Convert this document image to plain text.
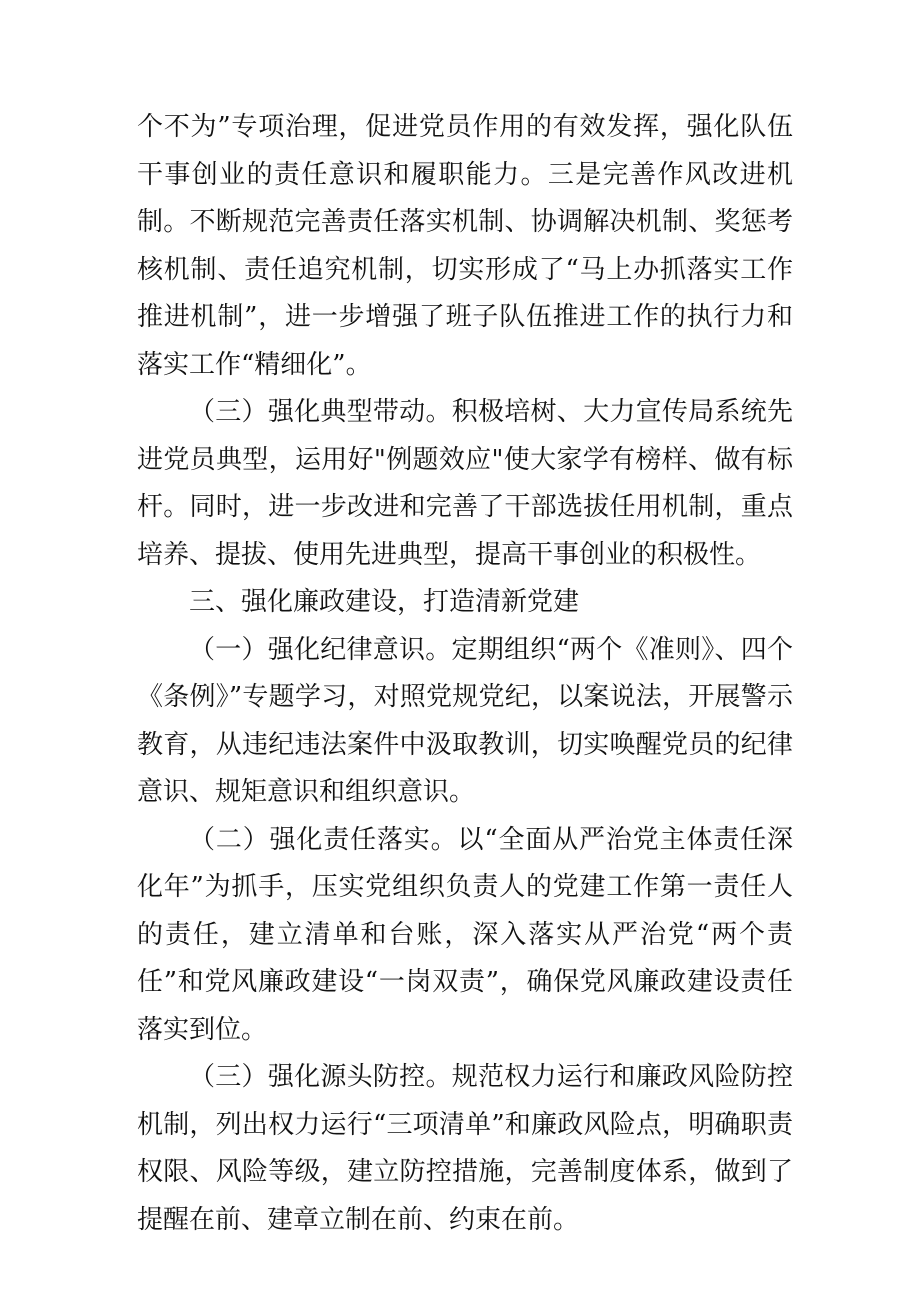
个不为”专项治理，促进党员作用的有效发挥，强化队伍干事创业的责任意识和履职能力。三是完善作风改进机制。不断规范完善责任落实机制、协调解决机制、奖惩考核机制、责任追究机制，切实形成了“马上办抓落实工作推进机制”，进一步增强了班子队伍推进工作的执行力和落实工作“精细化”。

（三）强化典型带动。积极培树、大力宣传局系统先进党员典型，运用好"例题效应"使大家学有榜样、做有标杆。同时，进一步改进和完善了干部选拔任用机制，重点培养、提拔、使用先进典型，提高干事创业的积极性。

三、强化廉政建设，打造清新党建

（一）强化纪律意识。定期组织“两个《准则》、四个《条例》”专题学习，对照党规党纪，以案说法，开展警示教育，从违纪违法案件中汲取教训，切实唤醒党员的纪律意识、规矩意识和组织意识。

（二）强化责任落实。以“全面从严治党主体责任深化年”为抓手，压实党组织负责人的党建工作第一责任人的责任，建立清单和台账，深入落实从严治党“两个责任”和党风廉政建设“一岗双责”，确保党风廉政建设责任落实到位。

（三）强化源头防控。规范权力运行和廉政风险防控机制，列出权力运行“三项清单”和廉政风险点，明确职责权限、风险等级，建立防控措施，完善制度体系，做到了提醒在前、建章立制在前、约束在前。
